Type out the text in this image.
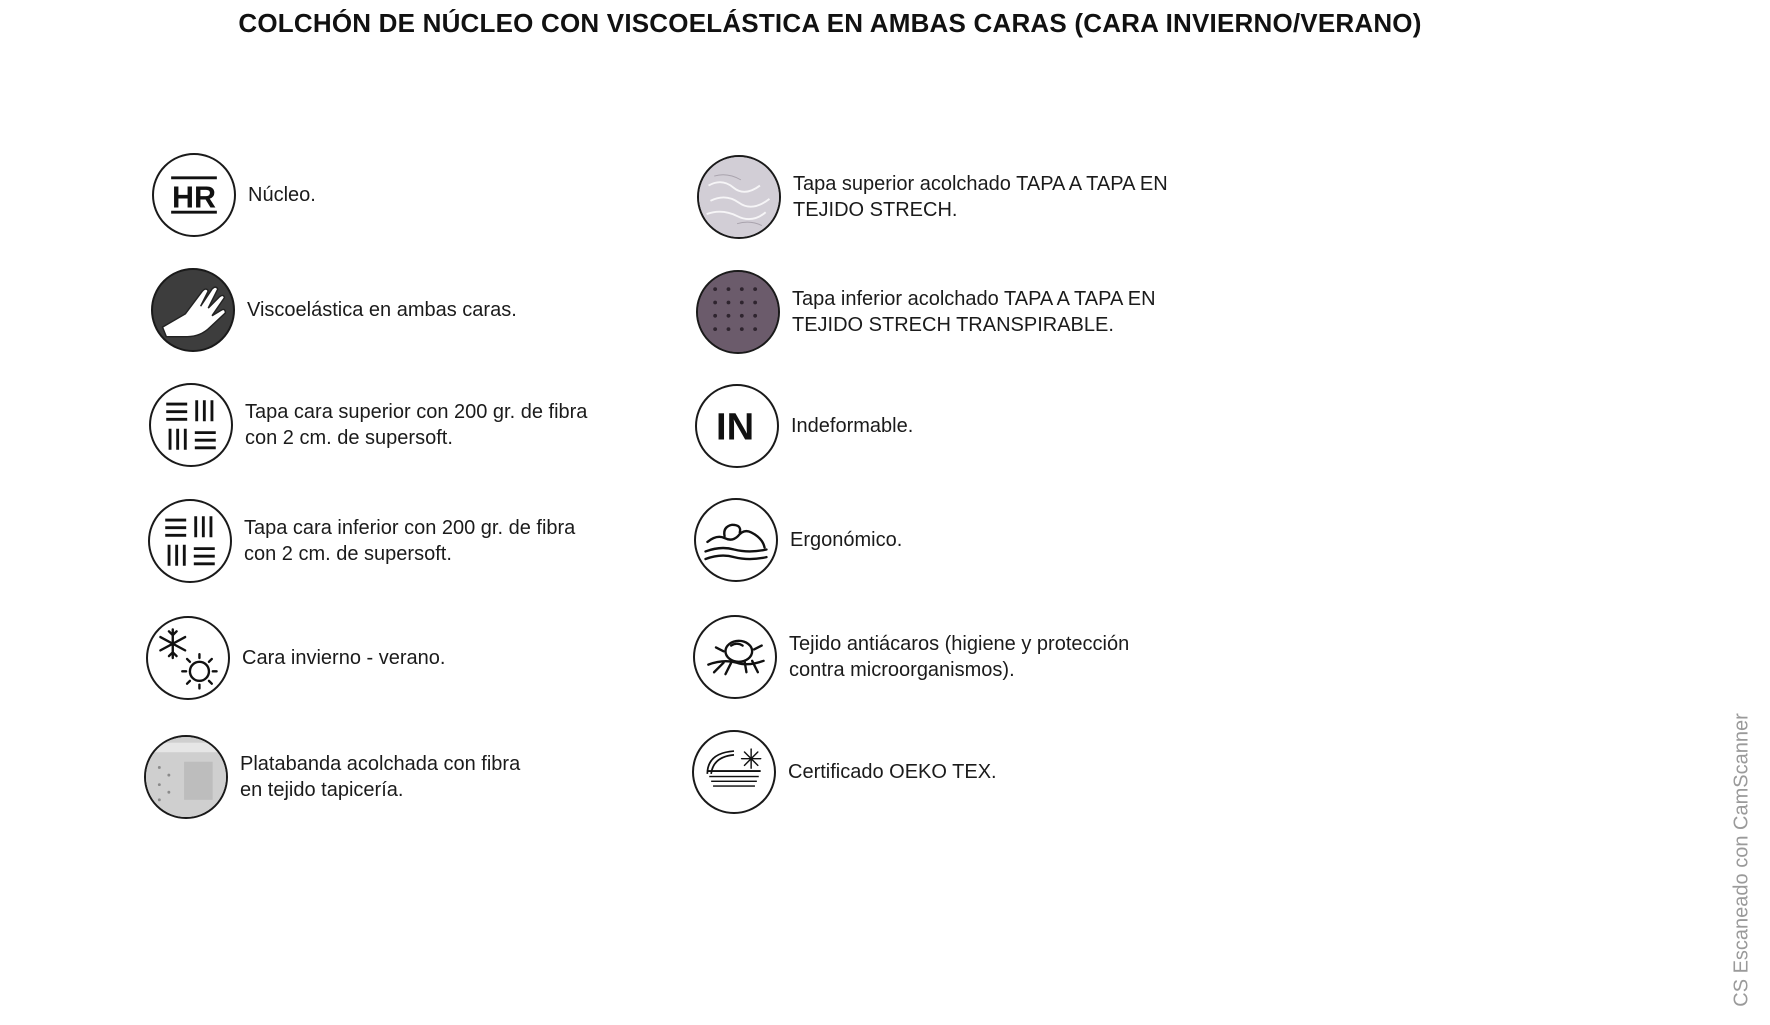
COLCHÓN DE NÚCLEO CON VISCOELÁSTICA EN AMBAS CARAS (CARA INVIERNO/VERANO)
HR Núcleo.
Viscoelástica en ambas caras.
Tapa cara superior con 200 gr. de fibra
con 2 cm. de supersoft.
Tapa cara inferior con 200 gr. de fibra
con 2 cm. de supersoft.
Cara invierno - verano.
Platabanda acolchada con fibra
en tejido tapicería.
Tapa superior acolchado TAPA A TAPA EN
TEJIDO STRECH.
Tapa inferior acolchado TAPA A TAPA EN
TEJIDO STRECH TRANSPIRABLE.
IN Indeformable.
Ergonómico.
Tejido antiácaros (higiene y protección
contra microorganismos).
Certificado OEKO TEX.	CS Escaneado con CamScanner
